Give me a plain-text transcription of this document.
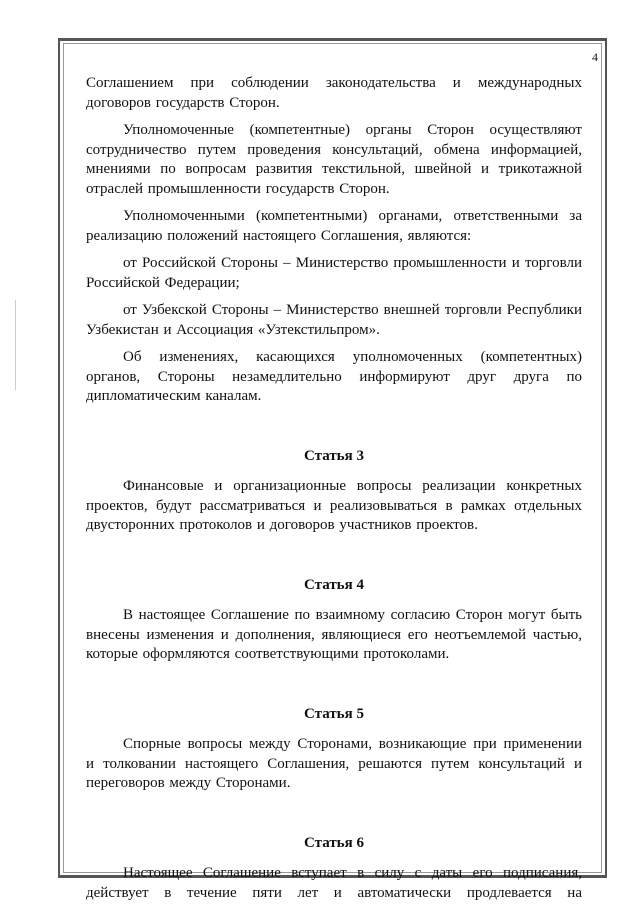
4

Соглашением при соблюдении законодательства и международных договоров государств Сторон.

Уполномоченные (компетентные) органы Сторон осуществляют сотрудничество путем проведения консультаций, обмена информацией, мнениями по вопросам развития текстильной, швейной и трикотажной отраслей промышленности государств Сторон.

Уполномоченными (компетентными) органами, ответственными за реализацию положений настоящего Соглашения, являются:

от Российской Стороны – Министерство промышленности и торговли Российской Федерации;

от Узбекской Стороны – Министерство внешней торговли Республики Узбекистан и Ассоциация «Узтекстильпром».

Об изменениях, касающихся уполномоченных (компетентных) органов, Стороны незамедлительно информируют друг друга по дипломатическим каналам.

Статья 3

Финансовые и организационные вопросы реализации конкретных проектов, будут рассматриваться и реализовываться в рамках отдельных двусторонних протоколов и договоров участников проектов.

Статья 4

В настоящее Соглашение по взаимному согласию Сторон могут быть внесены изменения и дополнения, являющиеся его неотъемлемой частью, которые оформляются соответствующими протоколами.

Статья 5

Спорные вопросы между Сторонами, возникающие при применении и толковании настоящего Соглашения, решаются путем консультаций и переговоров между Сторонами.

Статья 6

Настоящее Соглашение вступает в силу с даты его подписания, действует в течение пяти лет и автоматически продлевается на
